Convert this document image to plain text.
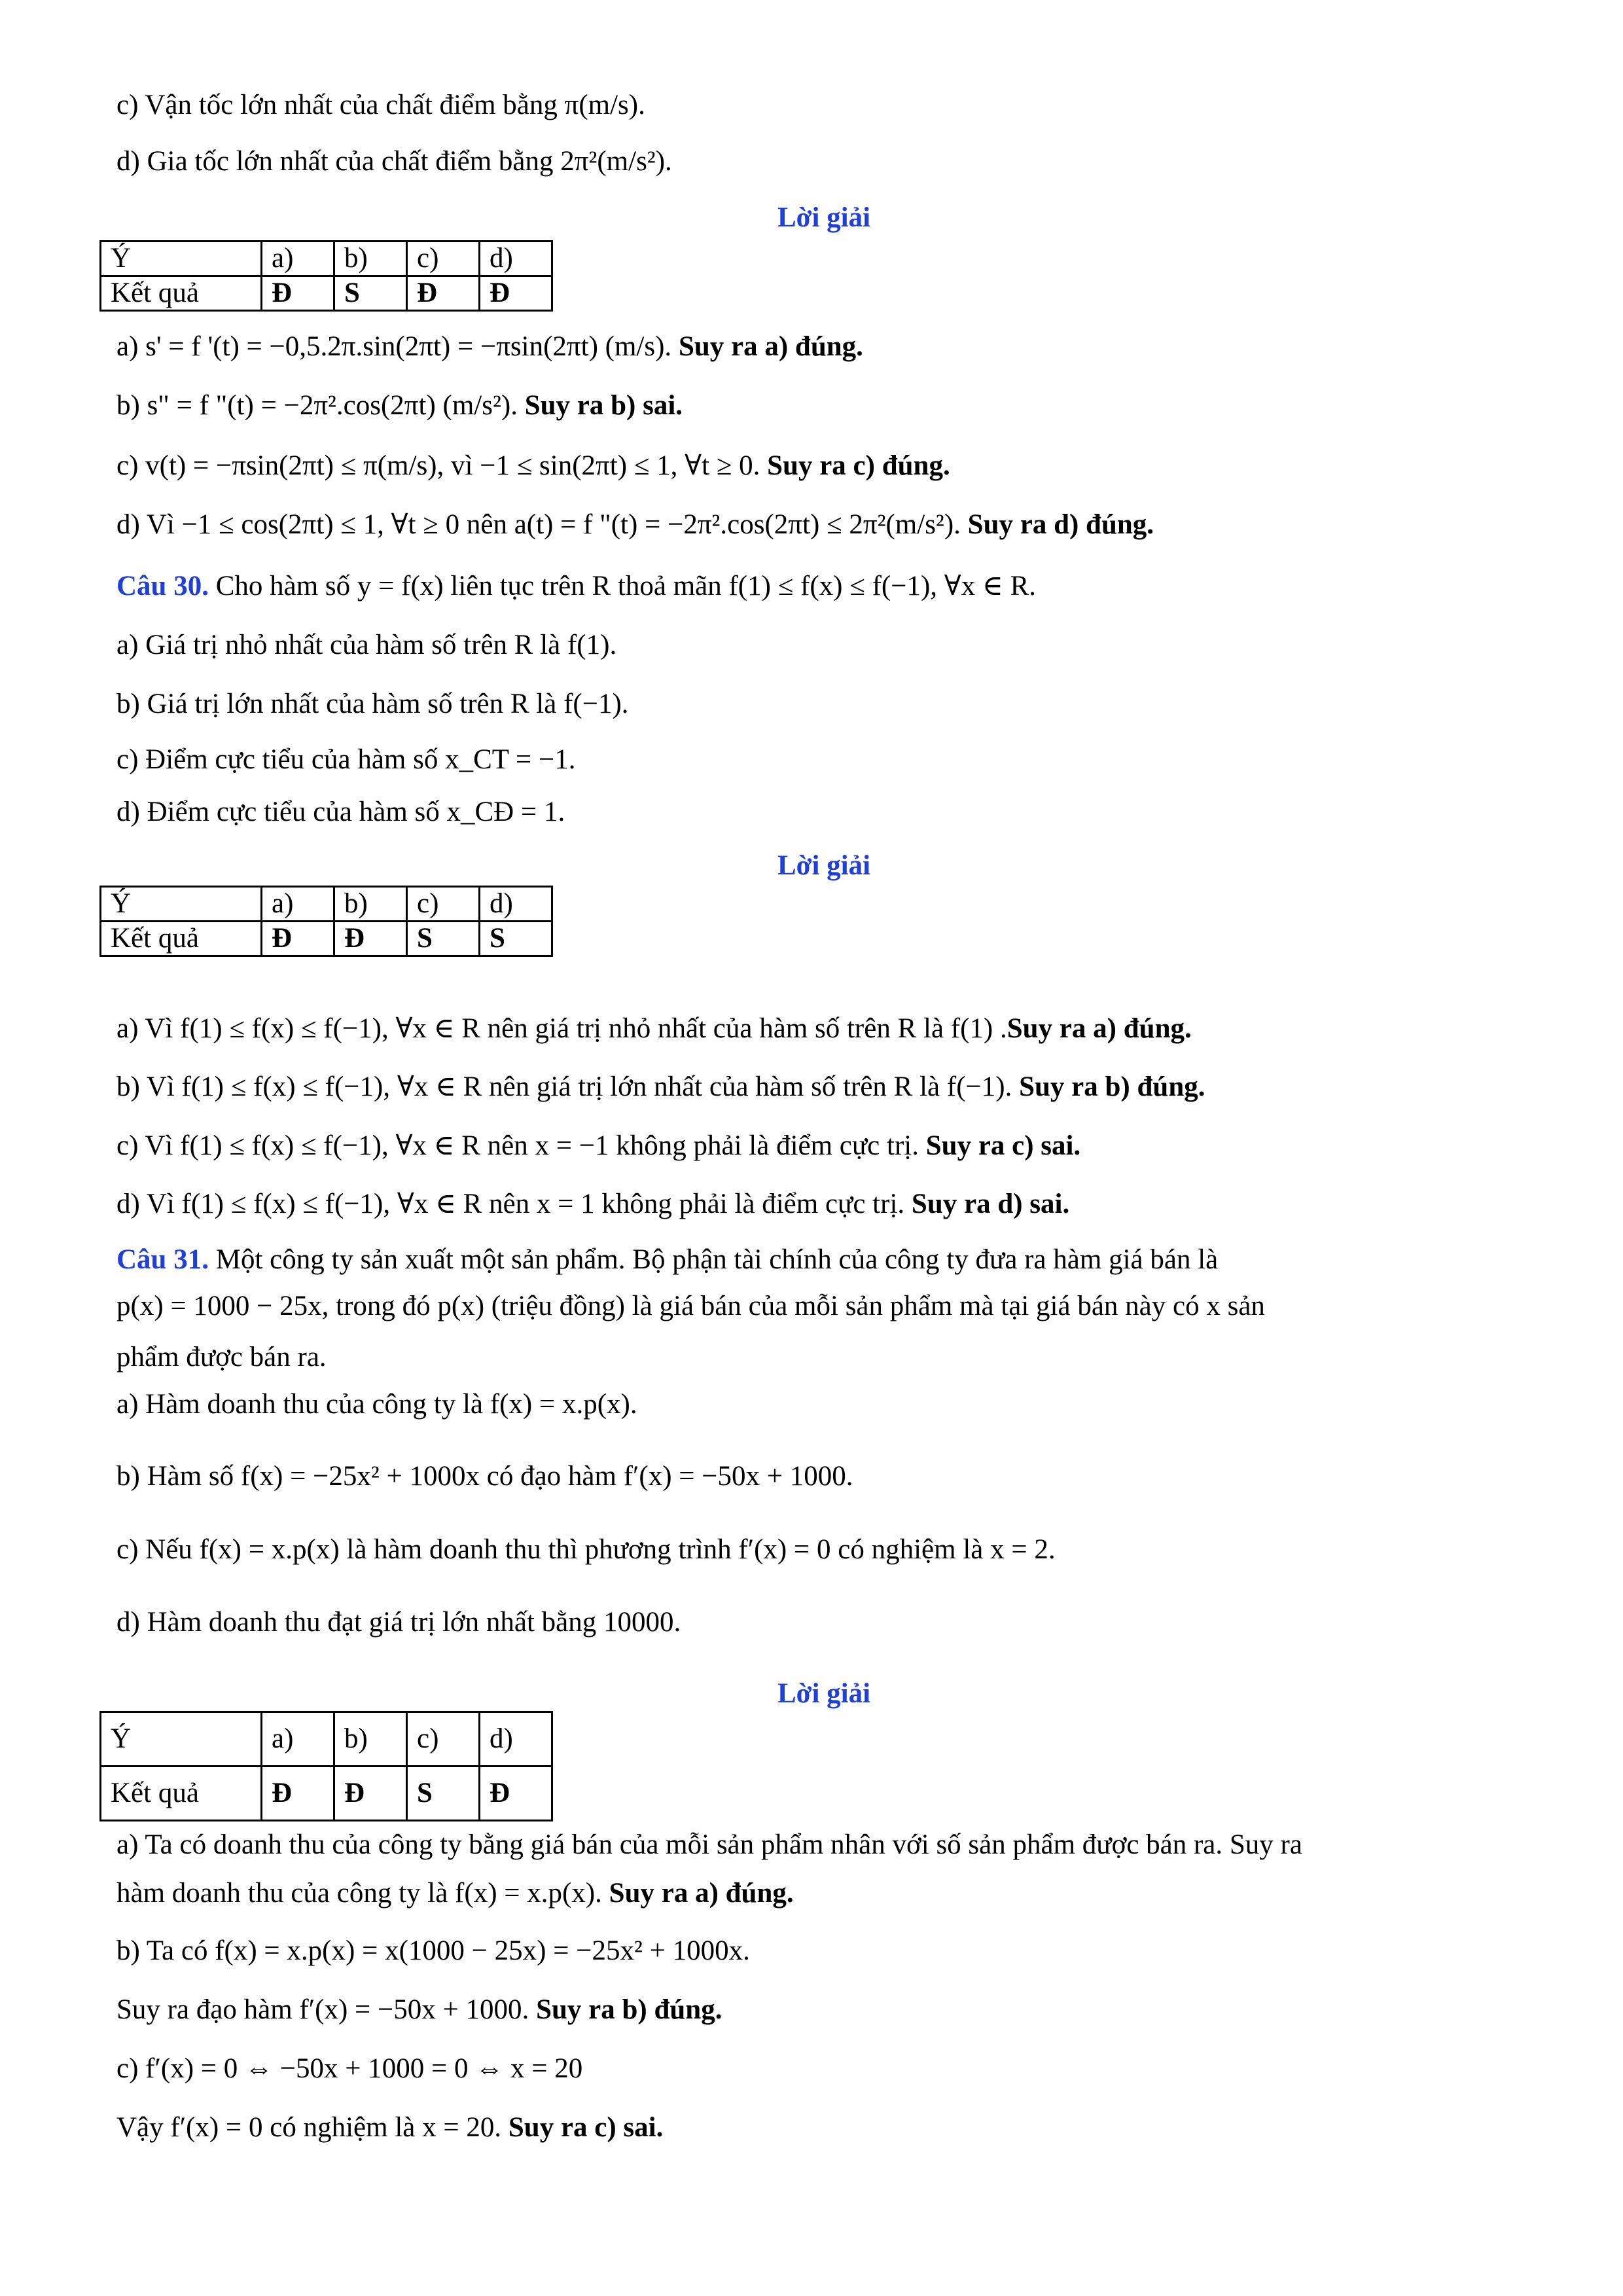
c) Vận tốc lớn nhất của chất điểm bằng π(m/s).
d) Gia tốc lớn nhất của chất điểm bằng 2π²(m/s²).
Lời giải
Ý	a)	b)	c)	d)
Kết quả	Đ	S	Đ	Đ
a) s' = f '(t) = −0,5.2π.sin(2πt) = −πsin(2πt) (m/s). Suy ra a) đúng.
b) s" = f "(t) = −2π².cos(2πt) (m/s²). Suy ra b) sai.
c) v(t) = −πsin(2πt) ≤ π(m/s), vì −1 ≤ sin(2πt) ≤ 1, ∀t ≥ 0. Suy ra c) đúng.
d) Vì −1 ≤ cos(2πt) ≤ 1, ∀t ≥ 0 nên a(t) = f "(t) = −2π².cos(2πt) ≤ 2π²(m/s²). Suy ra d) đúng.
Câu 30. Cho hàm số y = f(x) liên tục trên R thoả mãn f(1) ≤ f(x) ≤ f(−1), ∀x ∈ R.
a) Giá trị nhỏ nhất của hàm số trên R là f(1).
b) Giá trị lớn nhất của hàm số trên R là f(−1).
c) Điểm cực tiểu của hàm số x_CT = −1.
d) Điểm cực tiểu của hàm số x_CĐ = 1.
Lời giải
Ý	a)	b)	c)	d)
Kết quả	Đ	Đ	S	S
a) Vì f(1) ≤ f(x) ≤ f(−1), ∀x ∈ R nên giá trị nhỏ nhất của hàm số trên R là f(1) .Suy ra a) đúng.
b) Vì f(1) ≤ f(x) ≤ f(−1), ∀x ∈ R nên giá trị lớn nhất của hàm số trên R là f(−1). Suy ra b) đúng.
c) Vì f(1) ≤ f(x) ≤ f(−1), ∀x ∈ R nên x = −1 không phải là điểm cực trị. Suy ra c) sai.
d) Vì f(1) ≤ f(x) ≤ f(−1), ∀x ∈ R nên x = 1 không phải là điểm cực trị. Suy ra d) sai.
Câu 31. Một công ty sản xuất một sản phẩm. Bộ phận tài chính của công ty đưa ra hàm giá bán là
p(x) = 1000 − 25x, trong đó p(x) (triệu đồng) là giá bán của mỗi sản phẩm mà tại giá bán này có x sản
phẩm được bán ra.
a) Hàm doanh thu của công ty là f(x) = x.p(x).
b) Hàm số f(x) = −25x² + 1000x có đạo hàm f′(x) = −50x + 1000.
c) Nếu f(x) = x.p(x) là hàm doanh thu thì phương trình f′(x) = 0 có nghiệm là x = 2.
d) Hàm doanh thu đạt giá trị lớn nhất bằng 10000.
Lời giải
Ý	a)	b)	c)	d)
Kết quả	Đ	Đ	S	Đ
a) Ta có doanh thu của công ty bằng giá bán của mỗi sản phẩm nhân với số sản phẩm được bán ra. Suy ra
hàm doanh thu của công ty là f(x) = x.p(x). Suy ra a) đúng.
b) Ta có f(x) = x.p(x) = x(1000 − 25x) = −25x² + 1000x.
Suy ra đạo hàm f′(x) = −50x + 1000. Suy ra b) đúng.
c) f′(x) = 0 ⇔ −50x + 1000 = 0 ⇔ x = 20
Vậy f′(x) = 0 có nghiệm là x = 20. Suy ra c) sai.
